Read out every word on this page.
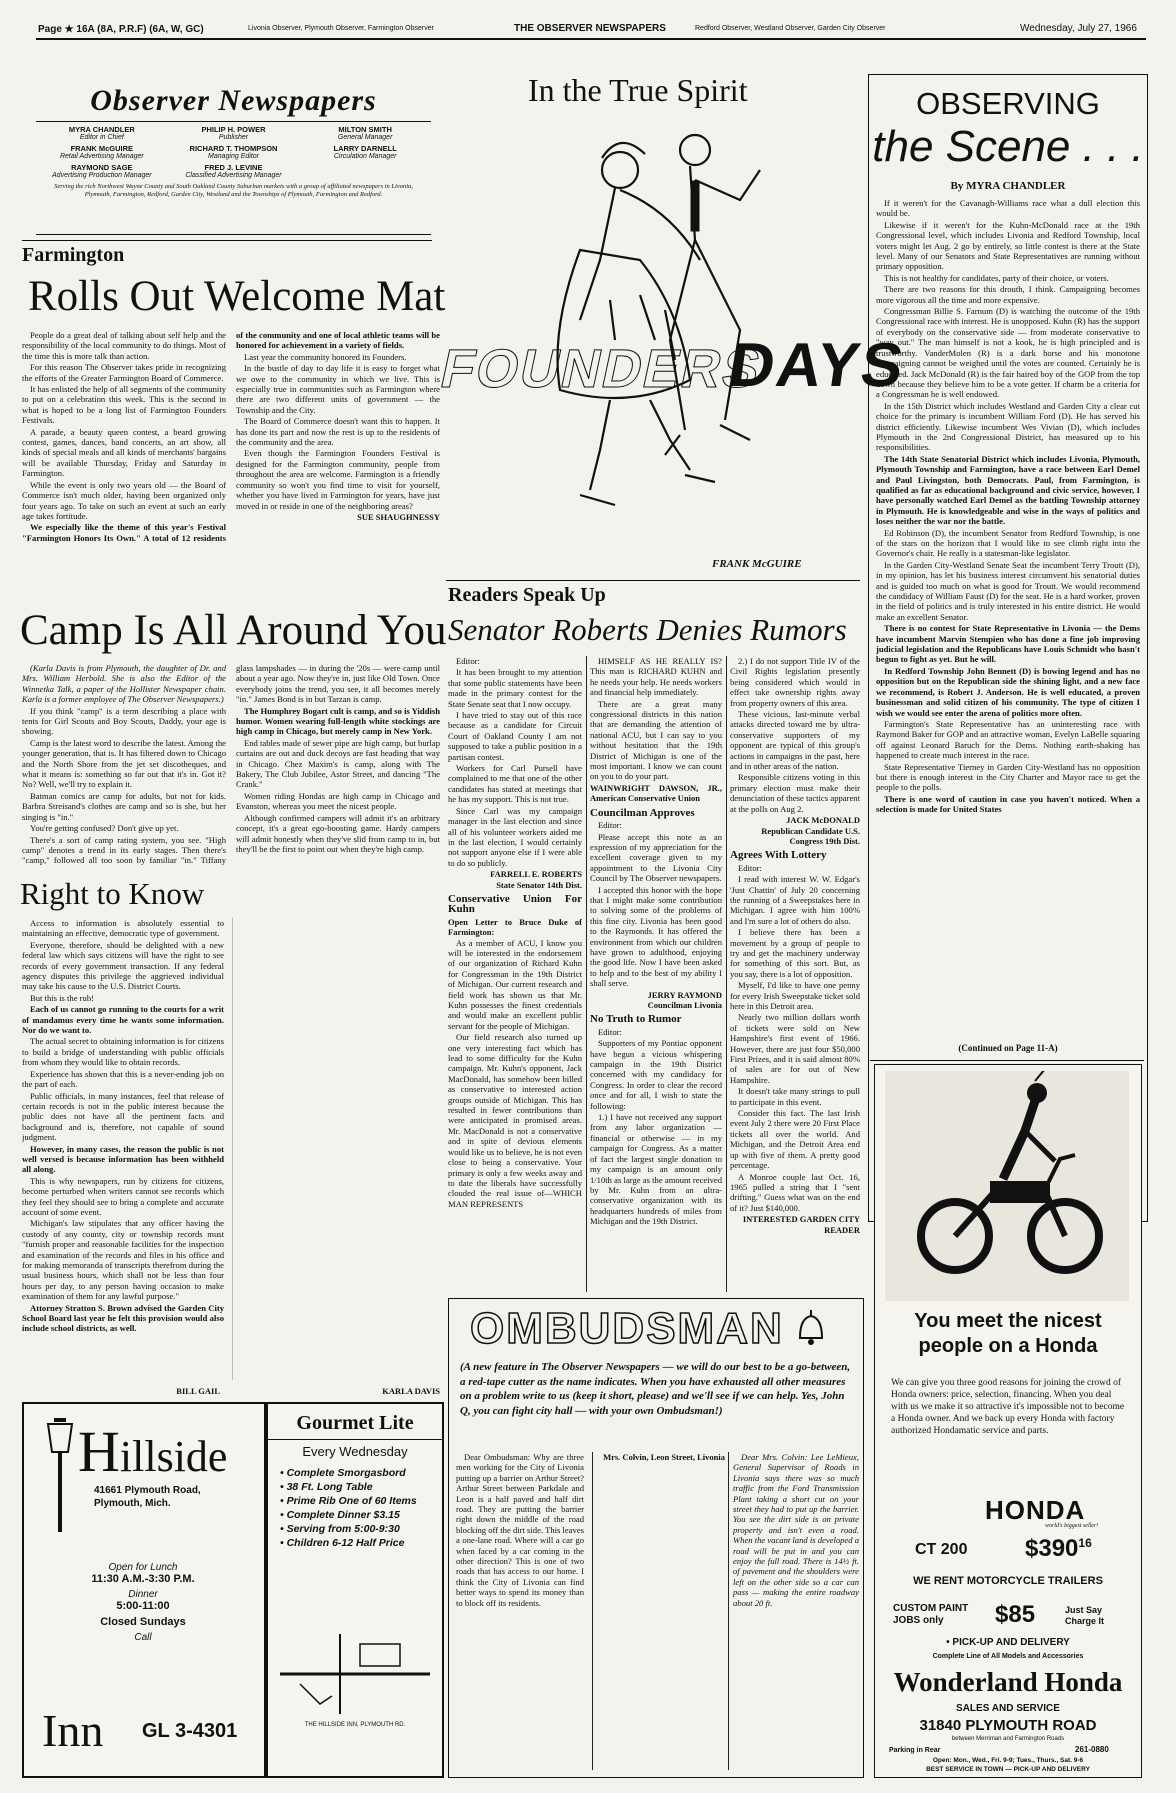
Page ★ 16A (8A, P.R.F) (6A, W, GC)	Livonia Observer, Plymouth Observer, Farmington Observer	THE OBSERVER NEWSPAPERS	Redford Observer, Westland Observer, Garden City Observer	Wednesday, July 27, 1966
Observer Newspapers
MYRA CHANDLER
Editor in Chief
PHILIP H. POWER
Publisher
MILTON SMITH
General Manager
FRANK McGUIRE
Retail Advertising Manager
RICHARD T. THOMPSON
Managing Editor
LARRY DARNELL
Circulation Manager
RAYMOND SAGE
Advertising Production Manager
FRED J. LEVINE
Classified Advertising Manager
Serving the rich Northwest Wayne County and South Oakland County Suburban markets with a group of affiliated newspapers in Livonia, Plymouth, Farmington, Redford, Garden City, Westland and the Townships of Plymouth, Farmington and Redford.
Farmington
Rolls Out Welcome Mat

People do a great deal of talking about self help and the responsibility of the local community to do things. Most of the time this is more talk than action.

For this reason The Observer takes pride in recognizing the efforts of the Greater Farmington Board of Commerce.

It has enlisted the help of all segments of the community to put on a celebration this week. This is the second in what is hoped to be a long list of Farmington Founders Festivals.

A parade, a beauty queen contest, a beard growing contest, games, dances, band concerts, an art show, all kinds of special meals and all kinds of merchants' bargains will be available Thursday, Friday and Saturday in Farmington.

While the event is only two years old — the Board of Commerce isn't much older, having been organized only four years ago. To take on such an event at such an early age takes fortitude.

We especially like the theme of this year's Festival "Farmington Honors Its Own." A total of 12 residents of the community and one of local athletic teams will be honored for achievement in a variety of fields.

Last year the community honored its Founders.

In the bustle of day to day life it is easy to forget what we owe to the community in which we live. This is especially true in communities such as Farmington where there are two different units of government — the Township and the City.

The Board of Commerce doesn't want this to happen. It has done its part and now the rest is up to the residents of the community and the area.

Even though the Farmington Founders Festival is designed for the Farmington community, people from throughout the area are welcome. Farmington is a friendly community so won't you find time to visit for yourself, whether you have lived in Farmington for years, have just moved in or reside in one of the neighboring areas?

SUE SHAUGHNESSY
Camp Is All Around You

(Karla Davis is from Plymouth, the daughter of Dr. and Mrs. William Herbold. She is also the Editor of the Winnetka Talk, a paper of the Hollister Newspaper chain. Karla is a former employee of The Observer Newspapers.)

If you think "camp" is a term describing a place with tents for Girl Scouts and Boy Scouts, Daddy, your age is showing.

Camp is the latest word to describe the latest. Among the younger generation, that is. It has filtered down to Chicago and the North Shore from the jet set discotheques, and what it means is: something so far out that it's in. Got it? No? Well, we'll try to explain it.

Batman comics are camp for adults, but not for kids. Barbra Streisand's clothes are camp and so is she, but her singing is "in."

You're getting confused? Don't give up yet.

There's a sort of camp rating system, you see. "High camp" denotes a trend in its early stages. Then there's "camp," followed all too soon by familiar "in." Tiffany glass lampshades — in during the '20s — were camp until about a year ago. Now they're in, just like Old Town. Once everybody joins the trend, you see, it all becomes merely "in." James Bond is in but Tarzan is camp.

The Humphrey Bogart cult is camp, and so is Yiddish humor. Women wearing full-length white stockings are high camp in Chicago, but merely camp in New York.

End tables made of sewer pipe are high camp, but burlap curtains are out and duck decoys are fast heading that way in Chicago. Chez Maxim's is camp, along with The Bakery, The Club Jubilee, Astor Street, and dancing "The Crank."

Women riding Hondas are high camp in Chicago and Evanston, whereas you meet the nicest people.

Although confirmed campers will admit it's an arbitrary concept, it's a great ego-boosting game. Hardy campers will admit honestly when they've slid from camp to in, but they'll be the first to point out when they're high camp.

Right to Know

Access to information is absolutely essential to maintaining an effective, democratic type of government.

Everyone, therefore, should be delighted with a new federal law which says citizens will have the right to see records of every government transaction. If any federal agency disputes this privilege the aggrieved individual may take his cause to the U.S. District Courts.

But this is the rub!

Each of us cannot go running to the courts for a writ of mandamus every time he wants some information. Nor do we want to.

The actual secret to obtaining information is for citizens to build a bridge of understanding with public officials from whom they would like to obtain records.

Experience has shown that this is a never-ending job on the part of each.

Public officials, in many instances, feel that release of certain records is not in the public interest because the public does not have all the pertinent facts and background and is, therefore, not capable of sound judgment.

However, in many cases, the reason the public is not well versed is because information has been withheld all along.

This is why newspapers, run by citizens for citizens, become perturbed when writers cannot see records which they feel they should see to bring a complete and accurate account of some event.

Michigan's law stipulates that any officer having the custody of any county, city or township records must "furnish proper and reasonable facilities for the inspection and examination of the records and files in his office and for making memoranda of transcripts therefrom during the usual business hours, which shall not be less than four hours per day, to any person having occasion to make examination of them for any lawful purpose."

Attorney Stratton S. Brown advised the Garden City School Board last year he felt this provision would also include school districts, as well.

BILL GAIL	KARLA DAVIS
Hillside
41661 Plymouth Road,
Plymouth, Mich.
Open for Lunch
11:30 A.M.-3:30 P.M.
Dinner
5:00-11:00
Closed Sundays
Call
Inn GL 3-4301
Gourmet Lite
Every Wednesday
• Complete Smorgasbord
• 38 Ft. Long Table
• Prime Rib One of 60 Items
• Complete Dinner $3.15
• Serving from 5:00-9:30
• Children 6-12 Half Price
THE HILLSIDE INN, PLYMOUTH RD.
In the True Spirit
FOUNDERS
DAYS
FRANK McGUIRE
OBSERVING
the Scene . . .
By MYRA CHANDLER

If it weren't for the Cavanagh-Williams race what a dull election this would be.

Likewise if it weren't for the Kuhn-McDonald race at the 19th Congressional level, which includes Livonia and Redford Township, local voters might let Aug. 2 go by entirely, so little contest is there at the State level. Many of our Senators and State Representatives are running without primary opposition.

This is not healthy for candidates, party of their choice, or voters.

There are two reasons for this drouth, I think. Campaigning becomes more vigorous all the time and more expensive.

Congressman Billie S. Farnum (D) is watching the outcome of the 19th Congressional race with interest. He is unopposed. Kuhn (R) has the support of everybody on the conservative side — from moderate conservative to "way out." The man himself is not a kook, he is high principled and is trustworthy. VanderMolen (R) is a dark horse and his monotone campaigning cannot be weighed until the votes are counted. Certainly he is educated. Jack McDonald (R) is the fair haired boy of the GOP from the top down because they believe him to be a vote getter. If charm be a criteria for a Congressman he is well endowed.

In the 15th District which includes Westland and Garden City a clear cut choice for the primary is incumbent William Ford (D). He has served his district efficiently. Likewise incumbent Wes Vivian (D), which includes Plymouth in the 2nd Congressional District, has measured up to his responsibilities.

The 14th State Senatorial District which includes Livonia, Plymouth, Plymouth Township and Farmington, have a race between Earl Demel and Paul Livingston, both Democrats. Paul, from Farmington, is qualified as far as educational background and civic service, however, I have personally watched Earl Demel as the battling Township attorney in Plymouth. He is knowledgeable and wise in the ways of politics and loses neither the war nor the battle.

Ed Robinson (D), the incumbent Senator from Redford Township, is one of the stars on the horizon that I would like to see climb right into the Governor's chair. He really is a statesman-like legislator.

In the Garden City-Westland Senate Seat the incumbent Terry Troutt (D), in my opinion, has let his business interest circumvent his senatorial duties and is guided too much on what is good for Troutt. We would recommend the candidacy of William Faust (D) for the seat. He is a hard worker, proven in the field of politics and is truly interested in his entire district. He would make an excellent Senator.

There is no contest for State Representative in Livonia — the Dems have incumbent Marvin Stempien who has done a fine job improving judicial legislation and the Republicans have Louis Schmidt who hasn't begun to fight as yet. But he will.

In Redford Township John Bennett (D) is bowing legend and has no opposition but on the Republican side the shining light, and a new face we recommend, is Robert J. Anderson. He is well educated, a proven businessman and solid citizen of his community. The type of citizen I wish we would see enter the arena of politics more often.

Farmington's State Representative has an uninteresting race with Raymond Baker for GOP and an attractive woman, Evelyn LaBelle squaring off against Leonard Baruch for the Dems. Nothing earth-shaking has happened to create much interest in the race.

State Representative Tierney in Garden City-Westland has no opposition but there is enough interest in the City Charter and Mayor race to get the people to the polls.

There is one word of caution in case you haven't noticed. When a selection is made for United States

(Continued on Page 11-A)
You meet the nicest people on a Honda
We can give you three good reasons for joining the crowd of Honda owners: price, selection, financing. When you deal with us we make it so attractive it's impossible not to become a Honda owner. And we back up every Honda with factory authorized Hondamatic service and parts.
HONDA
world's biggest seller!
CT 200 $\$390^{16}$
WE RENT MOTORCYCLE TRAILERS
CUSTOM PAINT JOBS only	$85	Just Say Charge It
• PICK-UP AND DELIVERY
Complete Line of All Models and Accessories
Wonderland Honda
SALES AND SERVICE
31840 PLYMOUTH ROAD
between Merriman and Farmington Roads
Parking in Rear	261-0880
Open: Mon., Wed., Fri. 9-9; Tues., Thurs., Sat. 9-6
BEST SERVICE IN TOWN — PICK-UP AND DELIVERY
Readers Speak Up
Senator Roberts Denies Rumors

Editor:

It has been brought to my attention that some public statements have been made in the primary contest for the State Senate seat that I now occupy.

I have tried to stay out of this race because as a candidate for Circuit Court of Oakland County I am not supposed to take a public position in a partisan contest.

Workers for Carl Pursell have complained to me that one of the other candidates has stated at meetings that he has my support. This is not true.

Since Carl was my campaign manager in the last election and since all of his volunteer workers aided me in the last election, I would certainly not support anyone else if I were able to do so publicly.

FARRELL E. ROBERTS
State Senator 14th Dist.
Conservative Union For Kuhn
Open Letter to Bruce Duke of Farmington:

As a member of ACU, I know you will be interested in the endorsement of our organization of Richard Kuhn for Congressman in the 19th District of Michigan. Our current research and field work has shown us that Mr. Kuhn possesses the finest credentials and would make an excellent public servant for the people of Michigan.

Our field research also turned up one very interesting fact which has lead to some difficulty for the Kuhn campaign. Mr. Kuhn's opponent, Jack MacDonald, has somehow been billed as conservative to interested action groups outside of Michigan. This has resulted in fewer contributions than were anticipated in promised areas. Mr. MacDonald is not a conservative and in spite of devious elements would like us to believe, he is not even close to being a conservative. Your primary is only a few weeks away and to date the liberals have successfully clouded the real issue of—WHICH MAN REPRESENTS

HIMSELF AS HE REALLY IS? This man is RICHARD KUHN and he needs your help. He needs workers and financial help immediately.

There are a great many congressional districts in this nation that are demanding the attention of national ACU, but I can say to you without hesitation that the 19th District of Michigan is one of the most important. I know we can count on you to do your part.

WAINWRIGHT DAWSON, JR., American Conservative Union
Councilman Approves

Editor:

Please accept this note as an expression of my appreciation for the excellent coverage given to my appointment to the Livonia City Council by The Observer newspapers.

I accepted this honor with the hope that I might make some contribution to solving some of the problems of this fine city. Livonia has been good to the Raymonds. It has offered the environment from which our children have grown to adulthood, enjoying the good life. Now I have been asked to help and to the best of my ability I shall serve.

JERRY RAYMOND
Councilman Livonia
No Truth to Rumor

Editor:

Supporters of my Pontiac opponent have begun a vicious whispering campaign in the 19th District concerned with my candidacy for Congress. In order to clear the record once and for all, I wish to state the following:

1.) I have not received any support from any labor organization — financial or otherwise — in my campaign for Congress. As a matter of fact the largest single donation to my campaign is an amount only 1/10th as large as the amount received by Mr. Kuhn from an ultra-conservative organization with its headquarters hundreds of miles from Michigan and the 19th District.

2.) I do not support Title IV of the Civil Rights legislation presently being considered which would in effect take ownership rights away from property owners of this area.

These vicious, last-minute verbal attacks directed toward me by ultra-conservative supporters of my opponent are typical of this group's actions in campaigns in the past, here and in other areas of the nation.

Responsible citizens voting in this primary election must make their denunciation of these tactics apparent at the polls on Aug 2.

JACK McDONALD
Republican Candidate U.S. Congress 19th Dist.
Agrees With Lottery

Editor:

I read with interest W. W. Edgar's 'Just Chattin' of July 20 concerning the running of a Sweepstakes here in Michigan. I agree with him 100% and I'm sure a lot of others do also.

I believe there has been a movement by a group of people to try and get the machinery underway for something of this sort. But, as you say, there is a lot of opposition.

Myself, I'd like to have one penny for every Irish Sweepstake ticket sold here in this Detroit area.

Nearly two million dollars worth of tickets were sold on New Hampshire's first event of 1966. However, there are just four $50,000 First Prizes, and it is said almost 80% of sales are for out of New Hampshire.

It doesn't take many strings to pull to participate in this event.

Consider this fact. The last Irish event July 2 there were 20 First Place tickets all over the world. And Michigan, and the Detroit Area end up with five of them. A pretty good percentage.

A Monroe couple last Oct. 16, 1965 pulled a string that I "sent drifting." Guess what was on the end of it? Just $140,000.

INTERESTED GARDEN CITY READER
OMBUDSMAN
(A new feature in The Observer Newspapers — we will do our best to be a go-between, a red-tape cutter as the name indicates. When you have exhausted all other measures on a problem write to us (keep it short, please) and we'll see if we can help. Yes, John Q, you can fight city hall — with your own Ombudsman!)

Dear Ombudsman: Why are three men working for the City of Livonia putting up a barrier on Arthur Street? Arthur Street between Parkdale and Leon is a half paved and half dirt road. They are putting the barrier right down the middle of the road blocking off the dirt side. This leaves a one-lane road. Where will a car go when faced by a car coming in the other direction? This is one of two roads that has access to our home. I think the City of Livonia can find better ways to spend its money than to block off its residents.

Mrs. Colvin, Leon Street, Livonia	Dear Mrs. Colvin: Lee LeMieux, General Supervisor of Roads in Livonia says there was so much traffic from the Ford Transmission Plant taking a short cut on your street they had to put up the barrier. You see the dirt side is on private property and isn't even a road. When the vacant land is developed a road will be put in and you can enjoy the full road. There is 14½ ft. of pavement and the shoulders were left on the other side so a car can pass — making the entire roadway about 20 ft.
